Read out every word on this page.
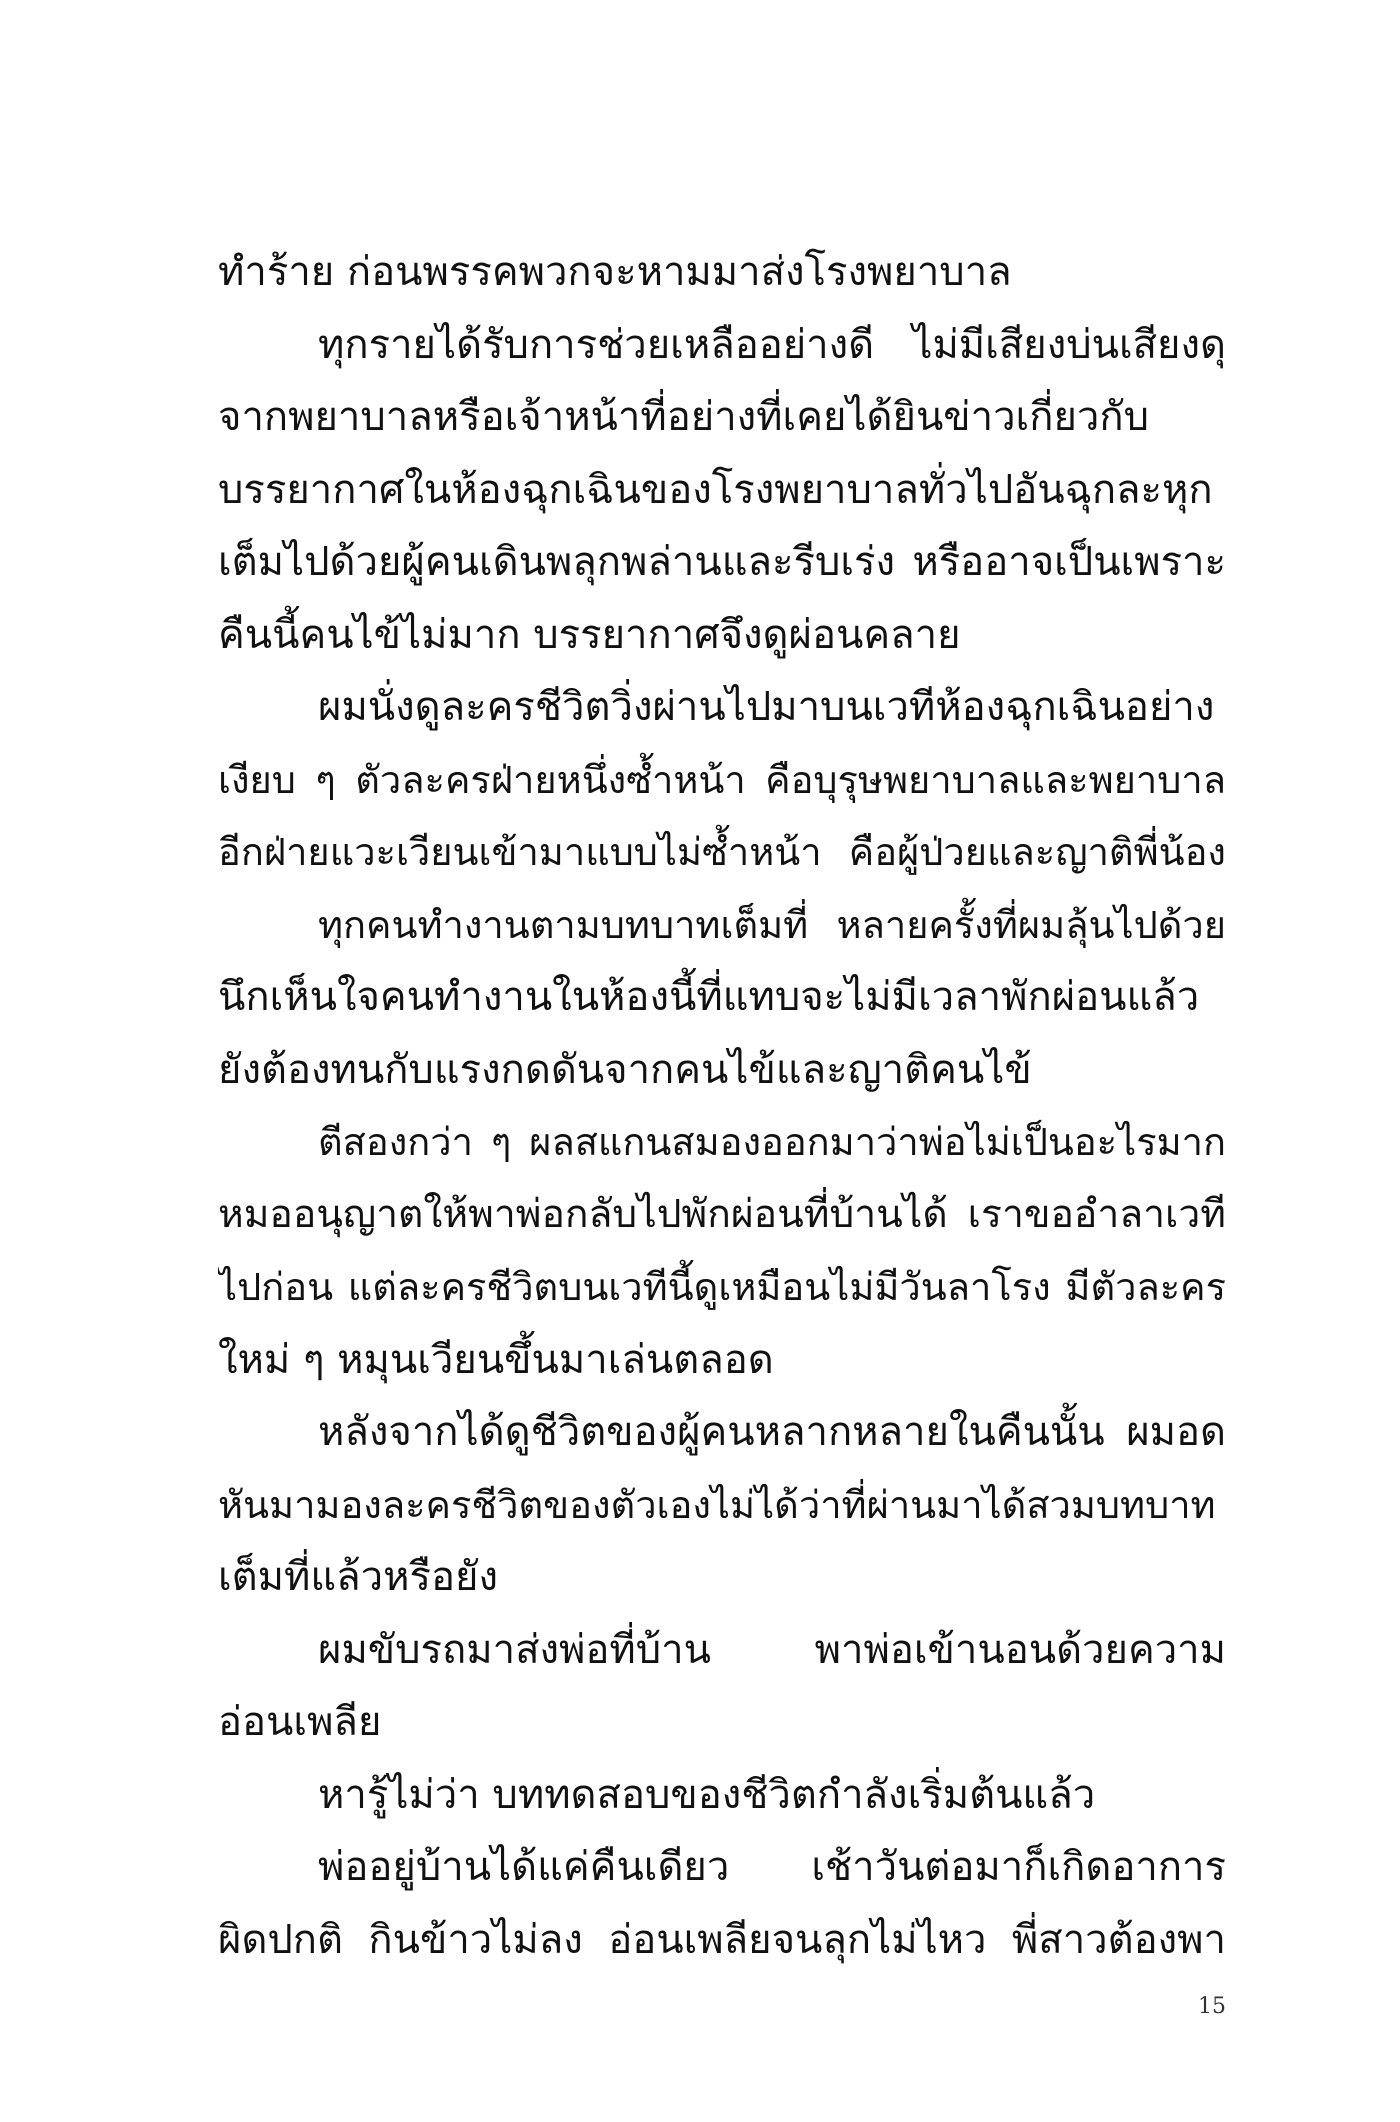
ทำร้าย ก่อนพรรคพวกจะหามมาส่งโรงพยาบาล
ทุกรายได้รับการช่วยเหลืออย่างดี ไม่มีเสียงบ่นเสียงดุ
จากพยาบาลหรือเจ้าหน้าที่อย่างที่เคยได้ยินข่าวเกี่ยวกับ
บรรยากาศในห้องฉุกเฉินของโรงพยาบาลทั่วไปอันฉุกละหุก
เต็มไปด้วยผู้คนเดินพลุกพล่านและรีบเร่ง หรืออาจเป็นเพราะ
คืนนี้คนไข้ไม่มาก บรรยากาศจึงดูผ่อนคลาย
ผมนั่งดูละครชีวิตวิ่งผ่านไปมาบนเวทีห้องฉุกเฉินอย่าง
เงียบ ๆ ตัวละครฝ่ายหนึ่งซ้ำหน้า คือบุรุษพยาบาลและพยาบาล
อีกฝ่ายแวะเวียนเข้ามาแบบไม่ซ้ำหน้า คือผู้ป่วยและญาติพี่น้อง
ทุกคนทำงานตามบทบาทเต็มที่ หลายครั้งที่ผมลุ้นไปด้วย
นึกเห็นใจคนทำงานในห้องนี้ที่แทบจะไม่มีเวลาพักผ่อนแล้ว
ยังต้องทนกับแรงกดดันจากคนไข้และญาติคนไข้
ตีสองกว่า ๆ ผลสแกนสมองออกมาว่าพ่อไม่เป็นอะไรมาก
หมออนุญาตให้พาพ่อกลับไปพักผ่อนที่บ้านได้ เราขออำลาเวที
ไปก่อน แต่ละครชีวิตบนเวทีนี้ดูเหมือนไม่มีวันลาโรง มีตัวละคร
ใหม่ ๆ หมุนเวียนขึ้นมาเล่นตลอด
หลังจากได้ดูชีวิตของผู้คนหลากหลายในคืนนั้น ผมอด
หันมามองละครชีวิตของตัวเองไม่ได้ว่าที่ผ่านมาได้สวมบทบาท
เต็มที่แล้วหรือยัง
ผมขับรถมาส่งพ่อที่บ้าน พาพ่อเข้านอนด้วยความ
อ่อนเพลีย
หารู้ไม่ว่า บททดสอบของชีวิตกำลังเริ่มต้นแล้ว
พ่ออยู่บ้านได้แค่คืนเดียว เช้าวันต่อมาก็เกิดอาการ
ผิดปกติ กินข้าวไม่ลง อ่อนเพลียจนลุกไม่ไหว พี่สาวต้องพา
15
